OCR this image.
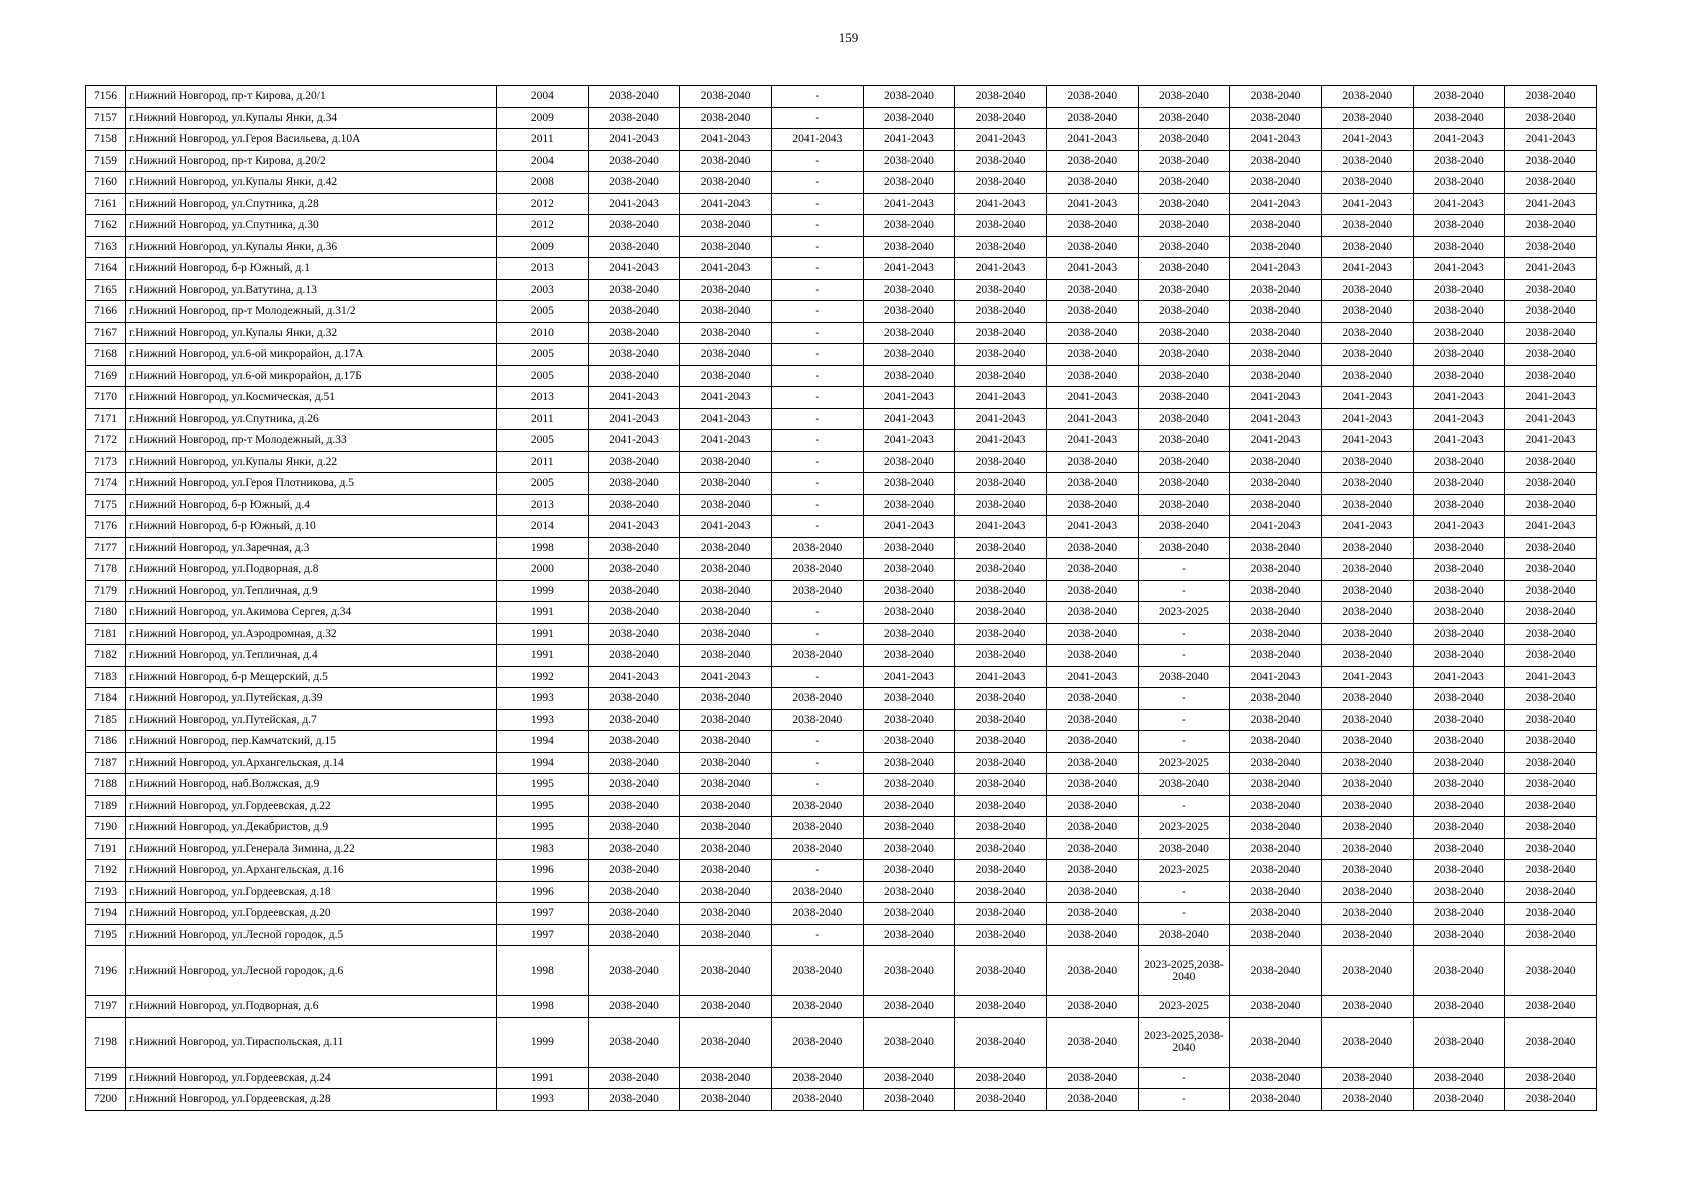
159
7156	г.Нижний Новгород, пр-т Кирова, д.20/1	2004	2038-2040	2038-2040	-	2038-2040	2038-2040	2038-2040	2038-2040	2038-2040	2038-2040	2038-2040	2038-2040
7157	г.Нижний Новгород, ул.Купалы Янки, д.34	2009	2038-2040	2038-2040	-	2038-2040	2038-2040	2038-2040	2038-2040	2038-2040	2038-2040	2038-2040	2038-2040
7158	г.Нижний Новгород, ул.Героя Васильева, д.10А	2011	2041-2043	2041-2043	2041-2043	2041-2043	2041-2043	2041-2043	2038-2040	2041-2043	2041-2043	2041-2043	2041-2043
7159	г.Нижний Новгород, пр-т Кирова, д.20/2	2004	2038-2040	2038-2040	-	2038-2040	2038-2040	2038-2040	2038-2040	2038-2040	2038-2040	2038-2040	2038-2040
7160	г.Нижний Новгород, ул.Купалы Янки, д.42	2008	2038-2040	2038-2040	-	2038-2040	2038-2040	2038-2040	2038-2040	2038-2040	2038-2040	2038-2040	2038-2040
7161	г.Нижний Новгород, ул.Спутника, д.28	2012	2041-2043	2041-2043	-	2041-2043	2041-2043	2041-2043	2038-2040	2041-2043	2041-2043	2041-2043	2041-2043
7162	г.Нижний Новгород, ул.Спутника, д.30	2012	2038-2040	2038-2040	-	2038-2040	2038-2040	2038-2040	2038-2040	2038-2040	2038-2040	2038-2040	2038-2040
7163	г.Нижний Новгород, ул.Купалы Янки, д.36	2009	2038-2040	2038-2040	-	2038-2040	2038-2040	2038-2040	2038-2040	2038-2040	2038-2040	2038-2040	2038-2040
7164	г.Нижний Новгород, б-р Южный, д.1	2013	2041-2043	2041-2043	-	2041-2043	2041-2043	2041-2043	2038-2040	2041-2043	2041-2043	2041-2043	2041-2043
7165	г.Нижний Новгород, ул.Ватутина, д.13	2003	2038-2040	2038-2040	-	2038-2040	2038-2040	2038-2040	2038-2040	2038-2040	2038-2040	2038-2040	2038-2040
7166	г.Нижний Новгород, пр-т Молодежный, д.31/2	2005	2038-2040	2038-2040	-	2038-2040	2038-2040	2038-2040	2038-2040	2038-2040	2038-2040	2038-2040	2038-2040
7167	г.Нижний Новгород, ул.Купалы Янки, д.32	2010	2038-2040	2038-2040	-	2038-2040	2038-2040	2038-2040	2038-2040	2038-2040	2038-2040	2038-2040	2038-2040
7168	г.Нижний Новгород, ул.6-ой микрорайон, д.17А	2005	2038-2040	2038-2040	-	2038-2040	2038-2040	2038-2040	2038-2040	2038-2040	2038-2040	2038-2040	2038-2040
7169	г.Нижний Новгород, ул.6-ой микрорайон, д.17Б	2005	2038-2040	2038-2040	-	2038-2040	2038-2040	2038-2040	2038-2040	2038-2040	2038-2040	2038-2040	2038-2040
7170	г.Нижний Новгород, ул.Космическая, д.51	2013	2041-2043	2041-2043	-	2041-2043	2041-2043	2041-2043	2038-2040	2041-2043	2041-2043	2041-2043	2041-2043
7171	г.Нижний Новгород, ул.Спутника, д.26	2011	2041-2043	2041-2043	-	2041-2043	2041-2043	2041-2043	2038-2040	2041-2043	2041-2043	2041-2043	2041-2043
7172	г.Нижний Новгород, пр-т Молодежный, д.33	2005	2041-2043	2041-2043	-	2041-2043	2041-2043	2041-2043	2038-2040	2041-2043	2041-2043	2041-2043	2041-2043
7173	г.Нижний Новгород, ул.Купалы Янки, д.22	2011	2038-2040	2038-2040	-	2038-2040	2038-2040	2038-2040	2038-2040	2038-2040	2038-2040	2038-2040	2038-2040
7174	г.Нижний Новгород, ул.Героя Плотникова, д.5	2005	2038-2040	2038-2040	-	2038-2040	2038-2040	2038-2040	2038-2040	2038-2040	2038-2040	2038-2040	2038-2040
7175	г.Нижний Новгород, б-р Южный, д.4	2013	2038-2040	2038-2040	-	2038-2040	2038-2040	2038-2040	2038-2040	2038-2040	2038-2040	2038-2040	2038-2040
7176	г.Нижний Новгород, б-р Южный, д.10	2014	2041-2043	2041-2043	-	2041-2043	2041-2043	2041-2043	2038-2040	2041-2043	2041-2043	2041-2043	2041-2043
7177	г.Нижний Новгород, ул.Заречная, д.3	1998	2038-2040	2038-2040	2038-2040	2038-2040	2038-2040	2038-2040	2038-2040	2038-2040	2038-2040	2038-2040	2038-2040
7178	г.Нижний Новгород, ул.Подворная, д.8	2000	2038-2040	2038-2040	2038-2040	2038-2040	2038-2040	2038-2040	-	2038-2040	2038-2040	2038-2040	2038-2040
7179	г.Нижний Новгород, ул.Тепличная, д.9	1999	2038-2040	2038-2040	2038-2040	2038-2040	2038-2040	2038-2040	-	2038-2040	2038-2040	2038-2040	2038-2040
7180	г.Нижний Новгород, ул.Акимова Сергея, д.34	1991	2038-2040	2038-2040	-	2038-2040	2038-2040	2038-2040	2023-2025	2038-2040	2038-2040	2038-2040	2038-2040
7181	г.Нижний Новгород, ул.Аэродромная, д.32	1991	2038-2040	2038-2040	-	2038-2040	2038-2040	2038-2040	-	2038-2040	2038-2040	2038-2040	2038-2040
7182	г.Нижний Новгород, ул.Тепличная, д.4	1991	2038-2040	2038-2040	2038-2040	2038-2040	2038-2040	2038-2040	-	2038-2040	2038-2040	2038-2040	2038-2040
7183	г.Нижний Новгород, б-р Мещерский, д.5	1992	2041-2043	2041-2043	-	2041-2043	2041-2043	2041-2043	2038-2040	2041-2043	2041-2043	2041-2043	2041-2043
7184	г.Нижний Новгород, ул.Путейская, д.39	1993	2038-2040	2038-2040	2038-2040	2038-2040	2038-2040	2038-2040	-	2038-2040	2038-2040	2038-2040	2038-2040
7185	г.Нижний Новгород, ул.Путейская, д.7	1993	2038-2040	2038-2040	2038-2040	2038-2040	2038-2040	2038-2040	-	2038-2040	2038-2040	2038-2040	2038-2040
7186	г.Нижний Новгород, пер.Камчатский, д.15	1994	2038-2040	2038-2040	-	2038-2040	2038-2040	2038-2040	-	2038-2040	2038-2040	2038-2040	2038-2040
7187	г.Нижний Новгород, ул.Архангельская, д.14	1994	2038-2040	2038-2040	-	2038-2040	2038-2040	2038-2040	2023-2025	2038-2040	2038-2040	2038-2040	2038-2040
7188	г.Нижний Новгород, наб.Волжская, д.9	1995	2038-2040	2038-2040	-	2038-2040	2038-2040	2038-2040	2038-2040	2038-2040	2038-2040	2038-2040	2038-2040
7189	г.Нижний Новгород, ул.Гордеевская, д.22	1995	2038-2040	2038-2040	2038-2040	2038-2040	2038-2040	2038-2040	-	2038-2040	2038-2040	2038-2040	2038-2040
7190	г.Нижний Новгород, ул.Декабристов, д.9	1995	2038-2040	2038-2040	2038-2040	2038-2040	2038-2040	2038-2040	2023-2025	2038-2040	2038-2040	2038-2040	2038-2040
7191	г.Нижний Новгород, ул.Генерала Зимина, д.22	1983	2038-2040	2038-2040	2038-2040	2038-2040	2038-2040	2038-2040	2038-2040	2038-2040	2038-2040	2038-2040	2038-2040
7192	г.Нижний Новгород, ул.Архангельская, д.16	1996	2038-2040	2038-2040	-	2038-2040	2038-2040	2038-2040	2023-2025	2038-2040	2038-2040	2038-2040	2038-2040
7193	г.Нижний Новгород, ул.Гордеевская, д.18	1996	2038-2040	2038-2040	2038-2040	2038-2040	2038-2040	2038-2040	-	2038-2040	2038-2040	2038-2040	2038-2040
7194	г.Нижний Новгород, ул.Гордеевская, д.20	1997	2038-2040	2038-2040	2038-2040	2038-2040	2038-2040	2038-2040	-	2038-2040	2038-2040	2038-2040	2038-2040
7195	г.Нижний Новгород, ул.Лесной городок, д.5	1997	2038-2040	2038-2040	-	2038-2040	2038-2040	2038-2040	2038-2040	2038-2040	2038-2040	2038-2040	2038-2040
7196	г.Нижний Новгород, ул.Лесной городок, д.6	1998	2038-2040	2038-2040	2038-2040	2038-2040	2038-2040	2038-2040	2023-2025,2038-2040	2038-2040	2038-2040	2038-2040	2038-2040
7197	г.Нижний Новгород, ул.Подворная, д.6	1998	2038-2040	2038-2040	2038-2040	2038-2040	2038-2040	2038-2040	2023-2025	2038-2040	2038-2040	2038-2040	2038-2040
7198	г.Нижний Новгород, ул.Тираспольская, д.11	1999	2038-2040	2038-2040	2038-2040	2038-2040	2038-2040	2038-2040	2023-2025,2038-2040	2038-2040	2038-2040	2038-2040	2038-2040
7199	г.Нижний Новгород, ул.Гордеевская, д.24	1991	2038-2040	2038-2040	2038-2040	2038-2040	2038-2040	2038-2040	-	2038-2040	2038-2040	2038-2040	2038-2040
7200	г.Нижний Новгород, ул.Гордеевская, д.28	1993	2038-2040	2038-2040	2038-2040	2038-2040	2038-2040	2038-2040	-	2038-2040	2038-2040	2038-2040	2038-2040
